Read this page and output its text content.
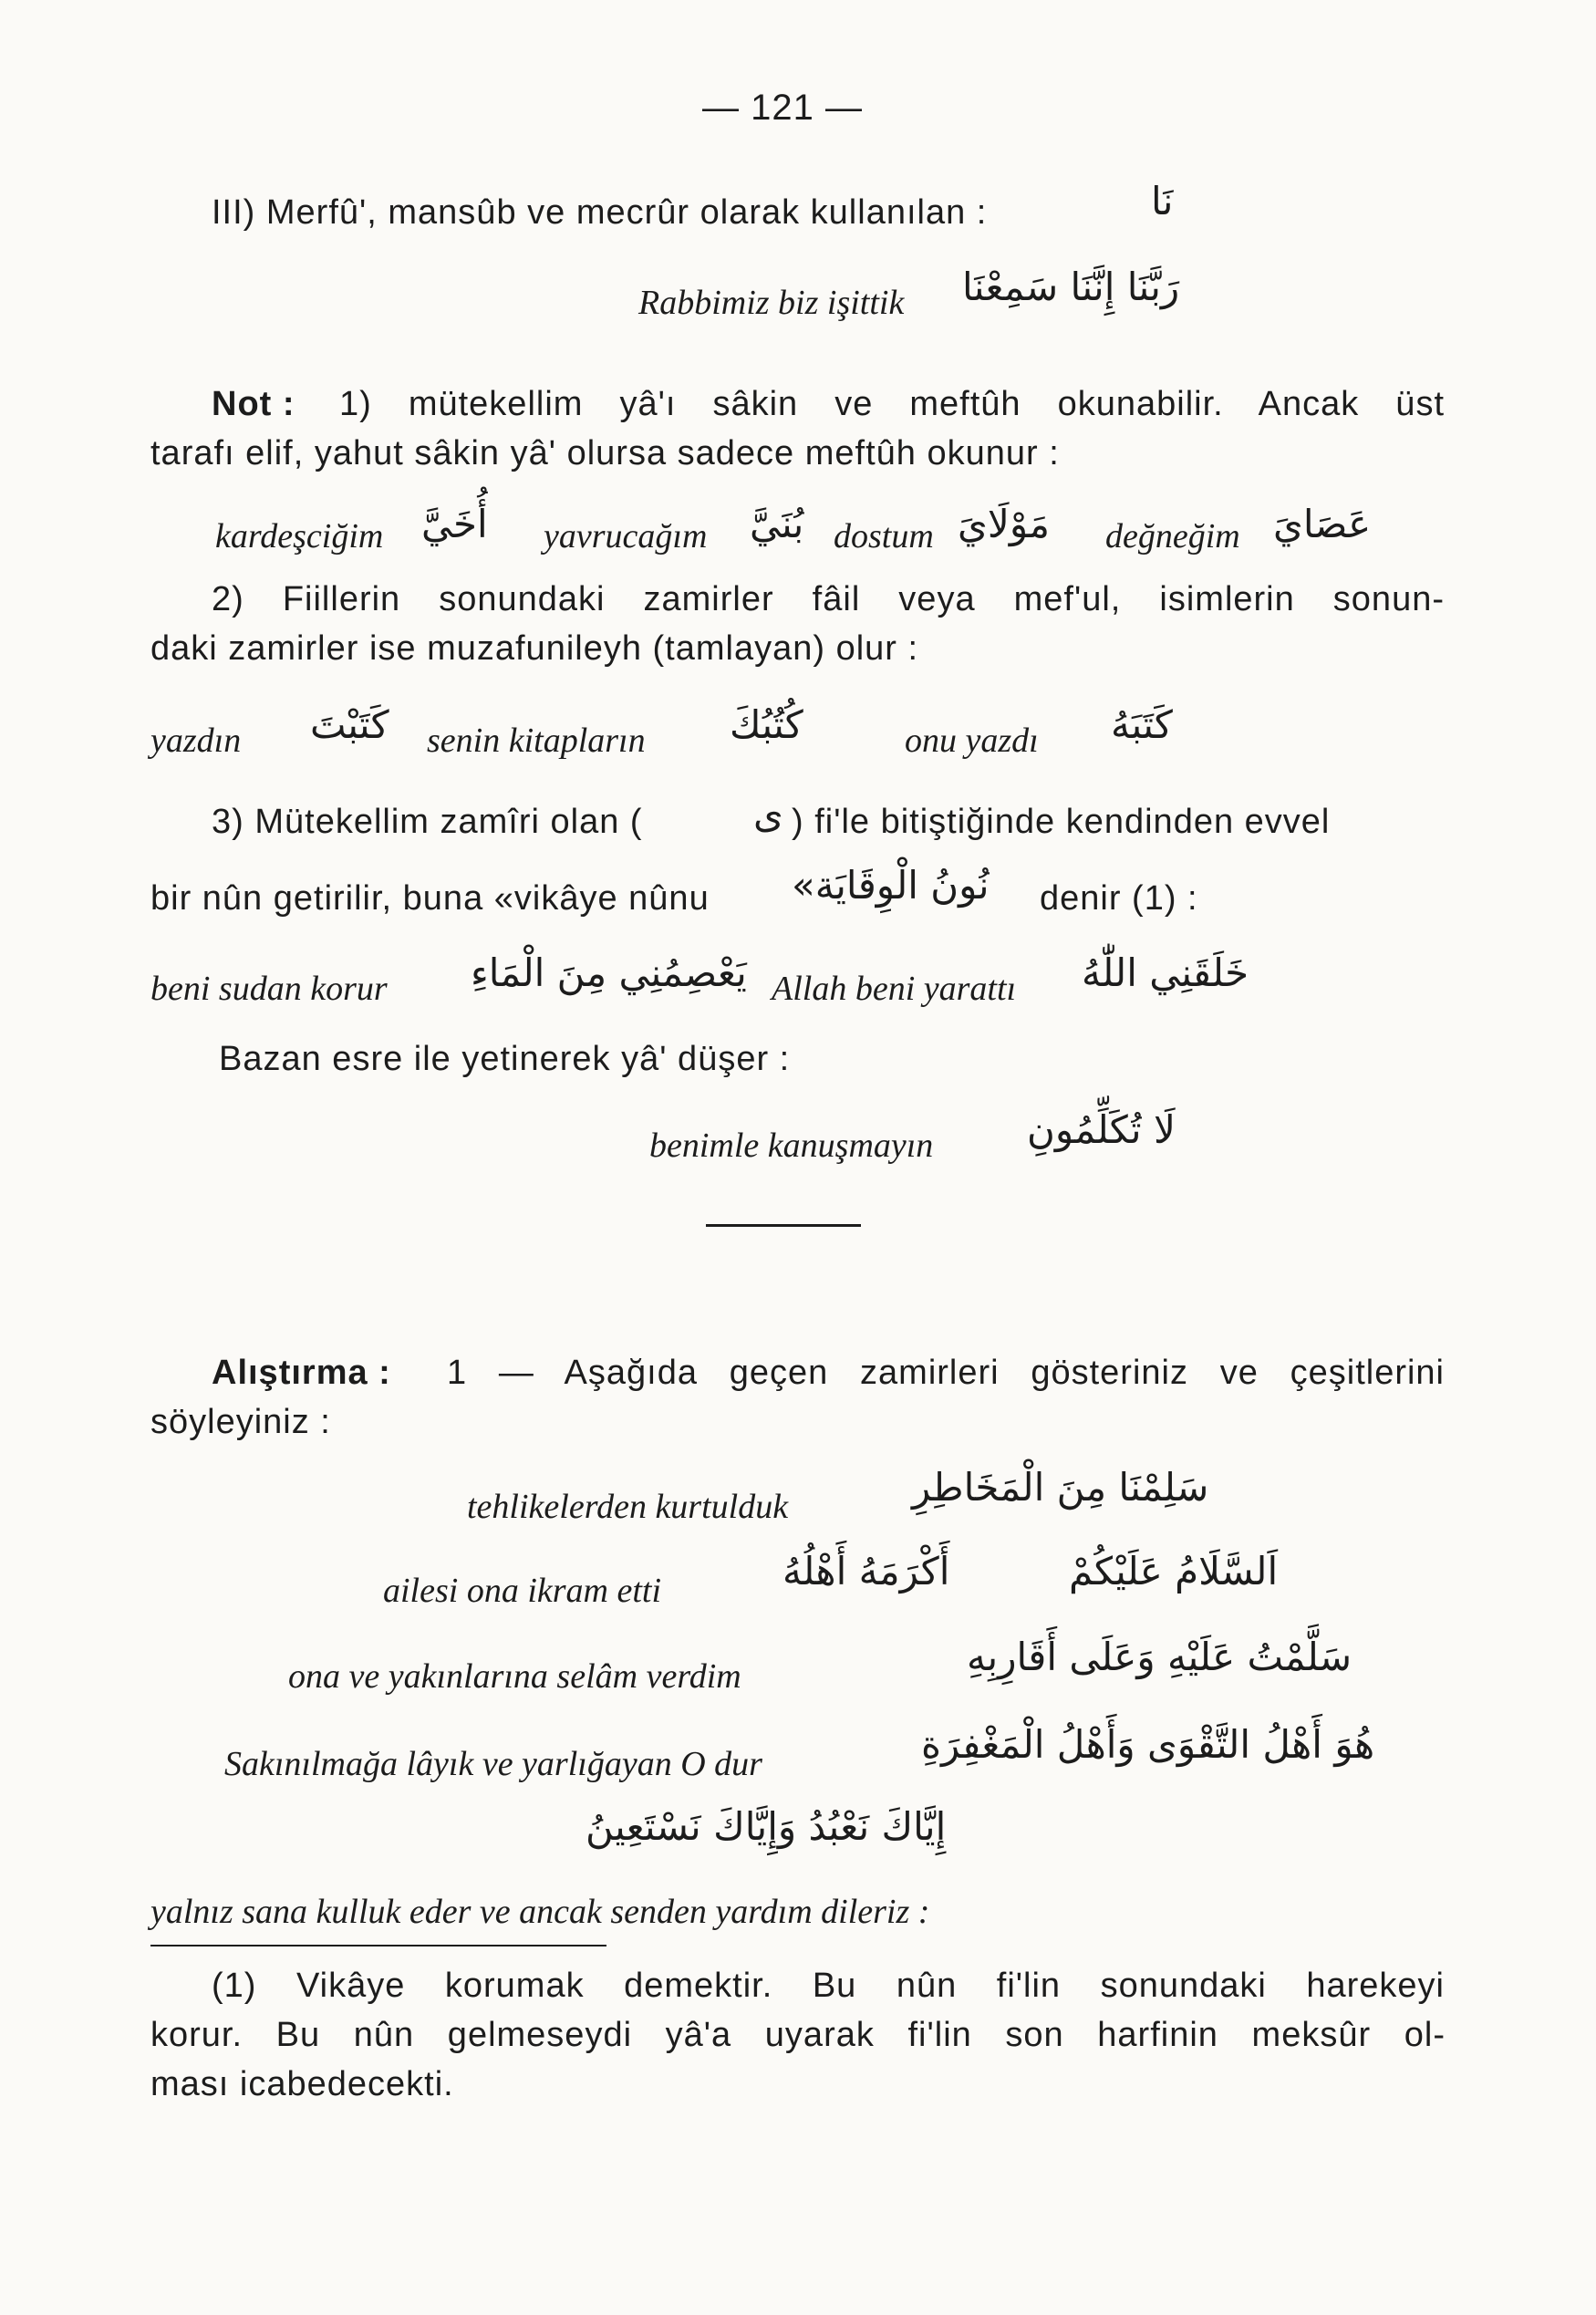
— 121 —
III) Merfû', mansûb ve mecrûr olarak kullanılan :	نَا
Rabbimiz biz işittik رَبَّنَا إِنَّنَا سَمِعْنَا
Not : 1) mütekellim yâ'ı sâkin ve meftûh okunabilir. Ancak üst
tarafı elif, yahut sâkin yâ' olursa sadece meftûh okunur :
kardeşciğim أُخَيَّ yavrucağım بُنَيَّ dostum مَوْلَايَ değneğim عَصَايَ
2) Fiillerin sonundaki zamirler fâil veya mef'ul, isimlerin sonun-
daki zamirler ise muzafunileyh (tamlayan) olur :
yazdın كَتَبْتَ senin kitapların كُتُبُكَ	onu yazdı كَتَبَهُ
3) Mütekellim zamîri olan (	ى ) fi'le bitiştiğinde kendinden evvel
bir nûn getirilir, buna «vikâye nûnu نُونُ الْوِقَايَة» denir (1) :
beni sudan korur يَعْصِمُنِي مِنَ الْمَاءِ Allah beni yarattı خَلَقَنِي اللّٰهُ
Bazan esre ile yetinerek yâ' düşer :
benimle kanuşmayın لَا تُكَلِّمُونِ
Alıştırma : 1 — Aşağıda geçen zamirleri gösteriniz ve çeşitlerini
söyleyiniz :
tehlikelerden kurtulduk	سَلِمْنَا مِنَ الْمَخَاطِرِ
ailesi ona ikram etti	أَكْرَمَهُ أَهْلُهُ	اَلسَّلَامُ عَلَيْكُمْ
ona ve yakınlarına selâm verdim	سَلَّمْتُ عَلَيْهِ وَعَلَى أَقَارِبِهِ
Sakınılmağa lâyık ve yarlığayan O dur	هُوَ أَهْلُ التَّقْوَى وَأَهْلُ الْمَغْفِرَةِ
إِيَّاكَ نَعْبُدُ وَإِيَّاكَ نَسْتَعِينُ
yalnız sana kulluk eder ve ancak senden yardım dileriz :
(1) Vikâye korumak demektir. Bu nûn fi'lin sonundaki harekeyi
korur. Bu nûn gelmeseydi yâ'a uyarak fi'lin son harfinin meksûr ol-
ması icabedecekti.
